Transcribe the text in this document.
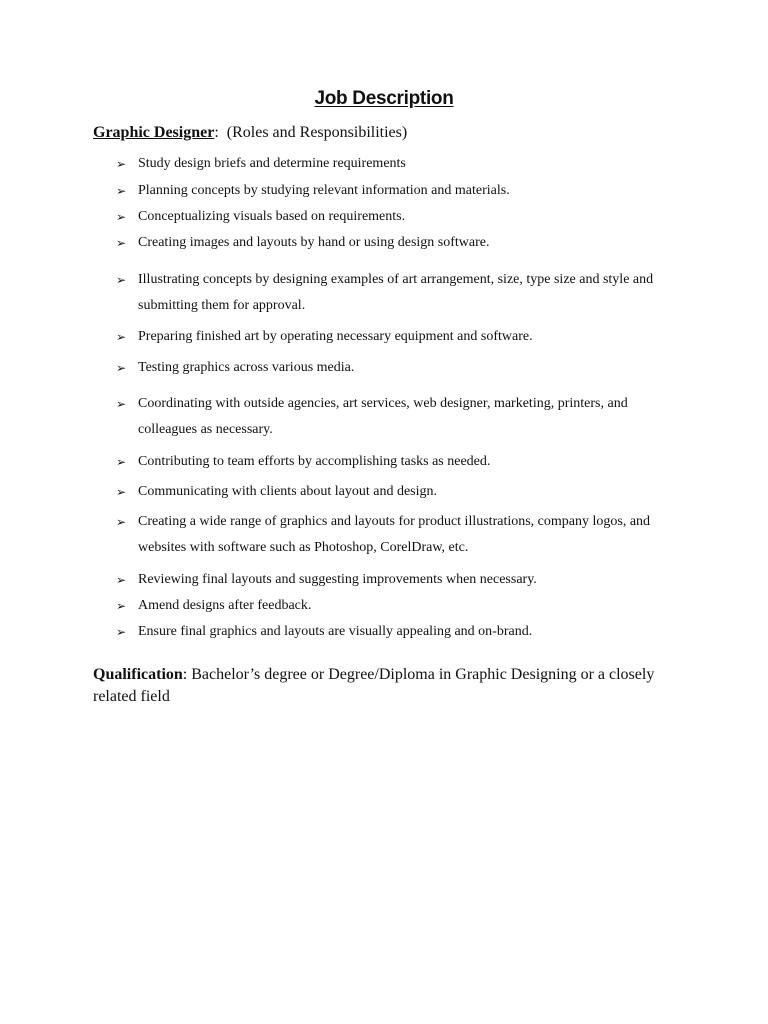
Job Description
Graphic Designer: (Roles and Responsibilities)
➢ Study design briefs and determine requirements
➢ Planning concepts by studying relevant information and materials.
➢ Conceptualizing visuals based on requirements.
➢ Creating images and layouts by hand or using design software.
➢ Illustrating concepts by designing examples of art arrangement, size, type size and style and submitting them for approval.
➢ Preparing finished art by operating necessary equipment and software.
➢ Testing graphics across various media.
➢ Coordinating with outside agencies, art services, web designer, marketing, printers, and colleagues as necessary.
➢ Contributing to team efforts by accomplishing tasks as needed.
➢ Communicating with clients about layout and design.
➢ Creating a wide range of graphics and layouts for product illustrations, company logos, and websites with software such as Photoshop, CorelDraw, etc.
➢ Reviewing final layouts and suggesting improvements when necessary.
➢ Amend designs after feedback.
➢ Ensure final graphics and layouts are visually appealing and on-brand.
Qualification: Bachelor’s degree or Degree/Diploma in Graphic Designing or a closely related field
